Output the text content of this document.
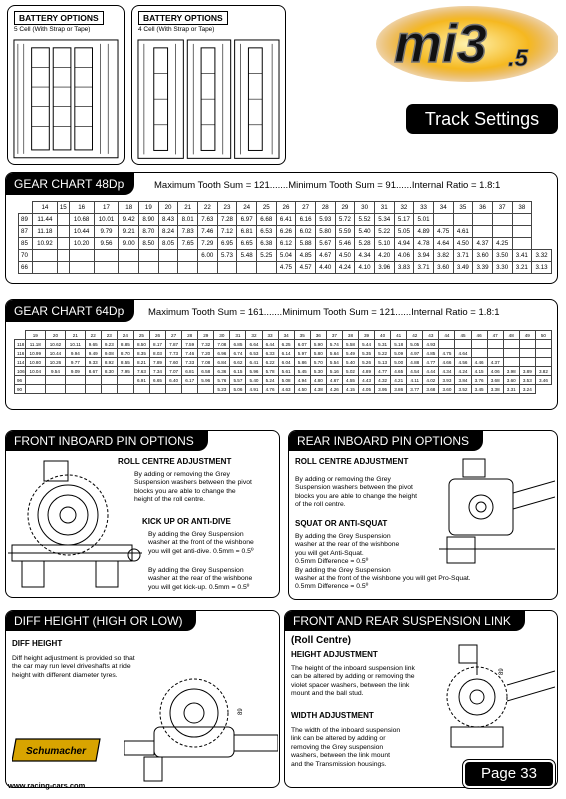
BATTERY OPTIONS
5 Cell (With Strap or Tape)
BATTERY OPTIONS
4 Cell (With Strap or Tape)	mi3 .5
Track Settings
GEAR CHART 48Dp	Maximum Tooth Sum = 121.......Minimum Tooth Sum = 91......Internal Ratio = 1.8:1
	14	15	16	17	18	19	20	21	22	23	24	25	26	27	28	29	30	31	32	33	34	35	36	37	38	
89	11.44		10.68	10.01	9.42	8.90	8.43	8.01	7.63	7.28	6.97	6.68	6.41	6.16	5.93	5.72	5.52	5.34	5.17	5.01						
87	11.18		10.44	9.79	9.21	8.70	8.24	7.83	7.46	7.12	6.81	6.53	6.26	6.02	5.80	5.59	5.40	5.22	5.05	4.89	4.75	4.61				
85	10.92		10.20	9.56	9.00	8.50	8.05	7.65	7.29	6.95	6.65	6.38	6.12	5.88	5.67	5.46	5.28	5.10	4.94	4.78	4.64	4.50	4.37	4.25		
70									6.00	5.73	5.48	5.25	5.04	4.85	4.67	4.50	4.34	4.20	4.06	3.94	3.82	3.71	3.60	3.50	3.41	3.32
66													4.75	4.57	4.40	4.24	4.10	3.96	3.83	3.71	3.60	3.49	3.39	3.30	3.21	3.13
GEAR CHART 64Dp	Maximum Tooth Sum = 161.......Minimum Tooth Sum = 121......Internal Ratio = 1.8:1
	19	20	21	22	23	24	25	26	27	28	29	30	31	32	33	34	35	36	37	38	39	40	41	42	43	44	45	46	47	48	49	50
118	11.18	10.62	10.11	9.65	9.23	8.85	8.50	8.17	7.87	7.59	7.32	7.08	6.85	6.64	6.44	6.25	6.07	5.90	5.74	5.58	5.44	5.31	5.18	5.05	4.93							
116	10.99	10.44	9.94	9.49	9.08	8.70	8.35	8.03	7.73	7.46	7.20	6.96	6.74	6.53	6.33	6.14	5.97	5.80	5.64	5.49	5.35	5.22	5.09	4.97	4.85	4.75	4.64					
114	10.80	10.26	9.77	9.33	8.92	8.55	8.21	7.89	7.60	7.33	7.08	6.84	6.62	6.41	6.22	6.04	5.86	5.70	5.54	5.40	5.26	5.13	5.00	4.88	4.77	4.66	4.56	4.46	4.37			
106	10.04	9.54	9.09	8.67	8.30	7.95	7.63	7.34	7.07	6.81	6.58	6.36	6.15	5.96	5.78	5.61	5.45	5.30	5.16	5.02	4.89	4.77	4.65	4.54	4.44	4.34	4.24	4.15	4.06	3.98	3.89	3.82
96							6.91	6.65	6.40	6.17	5.96	5.76	5.57	5.40	5.24	5.08	4.94	4.80	4.67	4.55	4.43	4.32	4.21	4.11	4.02	3.93	3.84	3.76	3.68	3.60	3.53	3.46
90												5.23	5.06	4.91	4.76	4.63	4.50	4.38	4.26	4.15	4.05	3.95	3.86	3.77	3.68	3.60	3.52	3.45	3.38	3.31	3.24	
FRONT INBOARD PIN OPTIONS
ROLL CENTRE ADJUSTMENT
By adding or removing the Grey
Suspension washers between the pivot
blocks you are able to change the
height of the roll centre.
KICK UP OR ANTI-DIVE
By adding the Grey Suspension
washer at the front of the wishbone
you will get anti-dive. 0.5mm = 0.5º
By adding the Grey Suspension
washer at the rear of the wishbone
you will get kick-up. 0.5mm = 0.5º
REAR INBOARD PIN OPTIONS
ROLL CENTRE ADJUSTMENT
By adding or removing the Grey
Suspension washers between the pivot
blocks you are able to change the height
of the roll centre.
SQUAT OR ANTI-SQUAT
By adding the Grey Suspension
washer at the rear of the wishbone
you will get Anti-Squat.
0.5mm Difference = 0.5º
By adding the Grey Suspension
washer at the front of the wishbone you will get Pro-Squat.
0.5mm Difference = 0.5º
DIFF HEIGHT (HIGH OR LOW)
DIFF HEIGHT
Diff height adjustment is provided so that
the car may run level driveshafts at ride
height with different diameter tyres.
89
Schumacher
FRONT AND REAR SUSPENSION LINK
(Roll Centre)
HEIGHT ADJUSTMENT
The height of the inboard suspension link
can be altered by adding or removing the
violet spacer washers, between the link
mount and the ball stud.
WIDTH ADJUSTMENT
The width of the inboard suspension
link can be altered by adding or
removing the Grey suspension
washers, between the link mount
and the Transmission housings.
89
www.racing-cars.com
Page 33
